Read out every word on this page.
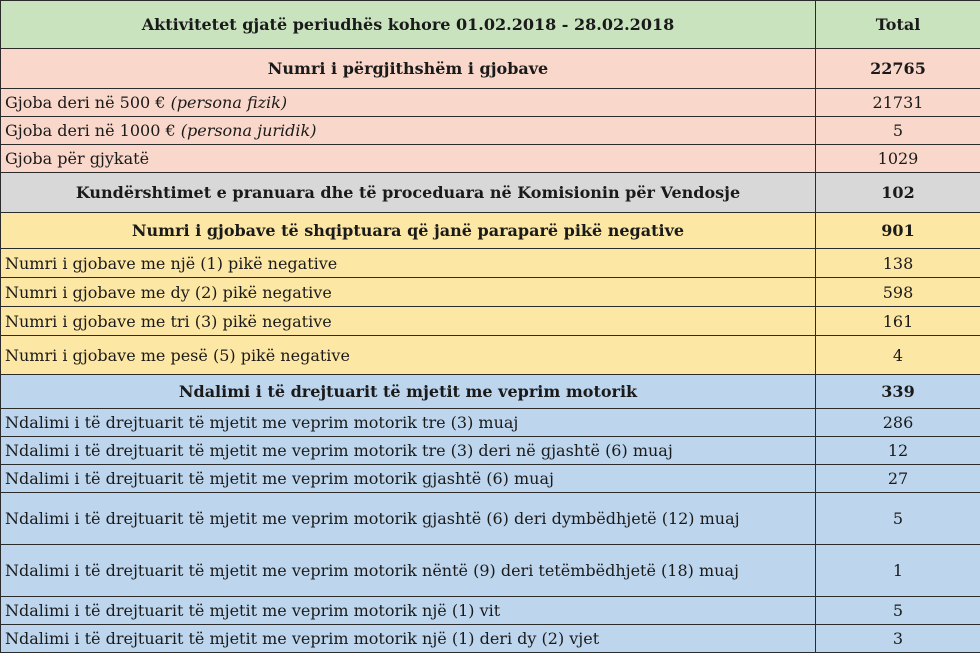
Aktivitetet gjatë periudhës kohore 01.02.2018 - 28.02.2018	Total
Numri i përgjithshëm i gjobave	22765
Gjoba deri në 500 € (persona fizik)	21731
Gjoba deri në 1000 € (persona juridik)	5
Gjoba për gjykatë	1029
Kundërshtimet e pranuara dhe të proceduara në Komisionin për Vendosje	102
Numri i gjobave të shqiptuara që janë paraparë pikë negative	901
Numri i gjobave me një (1) pikë negative	138
Numri i gjobave me dy (2) pikë negative	598
Numri i gjobave me tri (3) pikë negative	161
Numri i gjobave me pesë (5) pikë negative	4
Ndalimi i të drejtuarit të mjetit me veprim motorik	339
Ndalimi i të drejtuarit të mjetit me veprim motorik tre (3) muaj	286
Ndalimi i të drejtuarit të mjetit me veprim motorik tre (3) deri në gjashtë (6) muaj	12
Ndalimi i të drejtuarit të mjetit me veprim motorik gjashtë (6) muaj	27
Ndalimi i të drejtuarit të mjetit me veprim motorik gjashtë (6) deri dymbëdhjetë (12) muaj	5
Ndalimi i të drejtuarit të mjetit me veprim motorik nëntë (9) deri tetëmbëdhjetë (18) muaj	1
Ndalimi i të drejtuarit të mjetit me veprim motorik një (1) vit	5
Ndalimi i të drejtuarit të mjetit me veprim motorik një (1) deri dy (2) vjet	3
